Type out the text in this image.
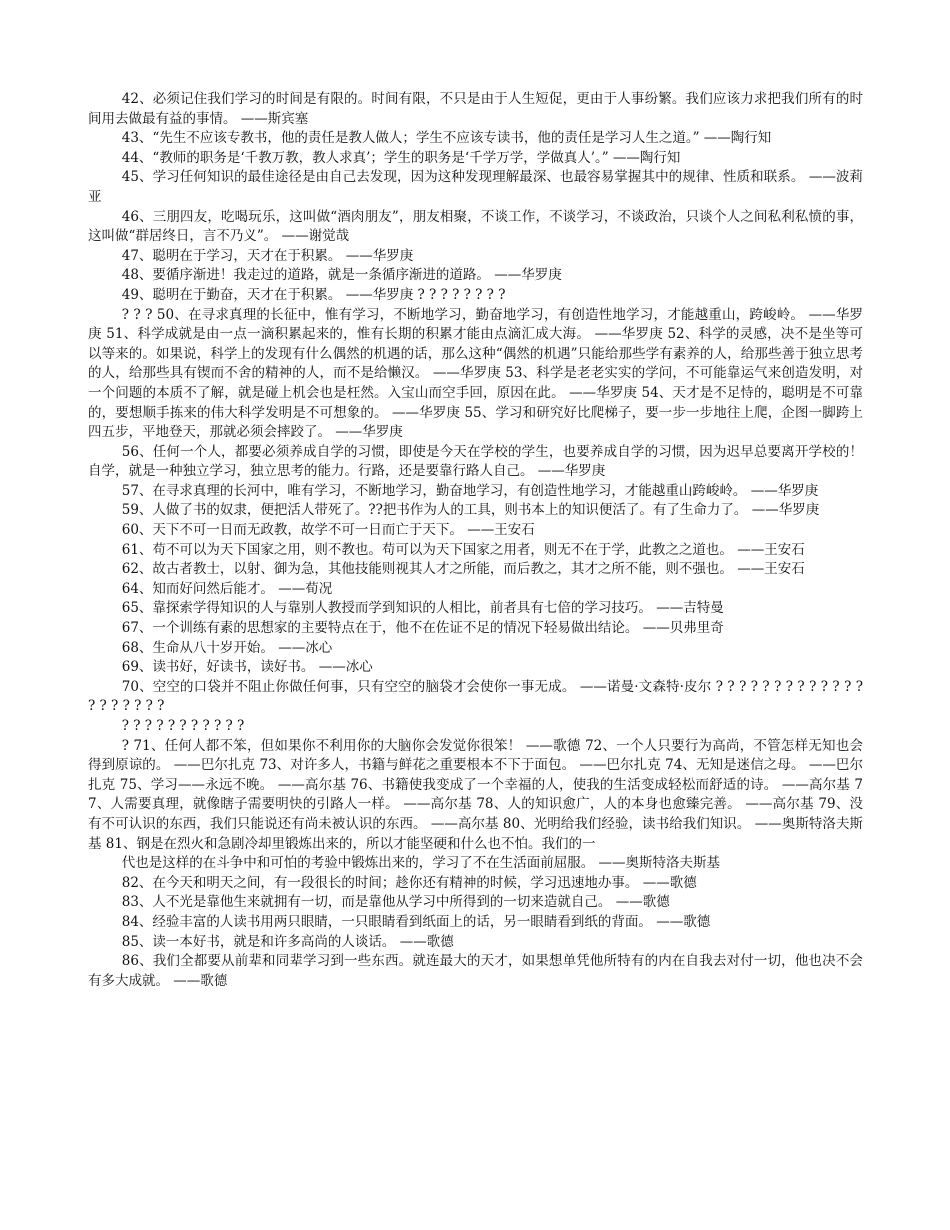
42、必须记住我们学习的时间是有限的。时间有限，不只是由于人生短促，更由于人事纷繁。我们应该力求把我们所有的时间用去做最有益的事情。 ——斯宾塞

43、“先生不应该专教书，他的责任是教人做人；学生不应该专读书，他的责任是学习人生之道。” ——陶行知

44、“教师的职务是‘千教万教，教人求真’；学生的职务是‘千学万学，学做真人’。” ——陶行知

45、学习任何知识的最佳途径是由自己去发现，因为这种发现理解最深、也最容易掌握其中的规律、性质和联系。 ——波莉亚

46、三朋四友，吃喝玩乐，这叫做“酒肉朋友”，朋友相聚，不谈工作，不谈学习，不谈政治，只谈个人之间私利私愤的事，这叫做“群居终日，言不乃义”。 ——谢觉哉

47、聪明在于学习，天才在于积累。 ——华罗庚

48、要循序渐进！我走过的道路，就是一条循序渐进的道路。 ——华罗庚

49、聪明在于勤奋，天才在于积累。 ——华罗庚 ? ? ? ? ? ? ? ?

? ? ? 50、在寻求真理的长征中，惟有学习，不断地学习，勤奋地学习，有创造性地学习，才能越重山，跨峻岭。 ——华罗庚 51、科学成就是由一点一滴积累起来的，惟有长期的积累才能由点滴汇成大海。 ——华罗庚 52、科学的灵感，决不是坐等可以等来的。如果说，科学上的发现有什么偶然的机遇的话，那么这种“偶然的机遇”只能给那些学有素养的人，给那些善于独立思考的人，给那些具有锲而不舍的精神的人，而不是给懒汉。 ——华罗庚 53、科学是老老实实的学问，不可能靠运气来创造发明，对一个问题的本质不了解，就是碰上机会也是枉然。入宝山而空手回，原因在此。 ——华罗庚 54、天才是不足恃的，聪明是不可靠的，要想顺手拣来的伟大科学发明是不可想象的。 ——华罗庚 55、学习和研究好比爬梯子，要一步一步地往上爬，企图一脚跨上四五步，平地登天，那就必须会摔跤了。 ——华罗庚

56、任何一个人，都要必须养成自学的习惯，即使是今天在学校的学生，也要养成自学的习惯，因为迟早总要离开学校的！自学，就是一种独立学习，独立思考的能力。行路，还是要靠行路人自己。 ——华罗庚

57、在寻求真理的长河中，唯有学习，不断地学习，勤奋地学习，有创造性地学习，才能越重山跨峻岭。 ——华罗庚

59、人做了书的奴隶，便把活人带死了。??把书作为人的工具，则书本上的知识便活了。有了生命力了。 ——华罗庚

60、天下不可一日而无政教，故学不可一日而亡于天下。 ——王安石

61、苟不可以为天下国家之用，则不教也。苟可以为天下国家之用者，则无不在于学，此教之之道也。 ——王安石

62、故古者教士，以射、御为急，其他技能则视其人才之所能，而后教之，其才之所不能，则不强也。 ——王安石

64、知而好问然后能才。 ——荀况

65、靠探索学得知识的人与靠别人教授而学到知识的人相比，前者具有七倍的学习技巧。 ——吉特曼

67、一个训练有素的思想家的主要特点在于，他不在佐证不足的情况下轻易做出结论。 ——贝弗里奇

68、生命从八十岁开始。 ——冰心

69、读书好，好读书，读好书。 ——冰心

70、空空的口袋并不阻止你做任何事，只有空空的脑袋才会使你一事无成。 ——诺曼·文森特·皮尔 ? ? ? ? ? ? ? ? ? ? ? ? ? ? ? ? ? ? ? ?

? ? ? ? ? ? ? ? ? ? ?

? 71、任何人都不笨，但如果你不利用你的大脑你会发觉你很笨！ ——歌德 72、一个人只要行为高尚，不管怎样无知也会得到原谅的。 ——巴尔扎克 73、对许多人，书籍与鲜花之重要根本不下于面包。 ——巴尔扎克 74、无知是迷信之母。 ——巴尔扎克 75、学习——永远不晚。 ——高尔基 76、书籍使我变成了一个幸福的人，使我的生活变成轻松而舒适的诗。 ——高尔基 77、人需要真理，就像瞎子需要明快的引路人一样。 ——高尔基 78、人的知识愈广，人的本身也愈臻完善。 ——高尔基 79、没有不可认识的东西，我们只能说还有尚未被认识的东西。 ——高尔基 80、光明给我们经验，读书给我们知识。 ——奥斯特洛夫斯基 81、钢是在烈火和急剧冷却里锻炼出来的，所以才能坚硬和什么也不怕。我们的一

代也是这样的在斗争中和可怕的考验中锻炼出来的，学习了不在生活面前屈服。 ——奥斯特洛夫斯基

82、在今天和明天之间，有一段很长的时间；趁你还有精神的时候，学习迅速地办事。 ——歌德

83、人不光是靠他生来就拥有一切，而是靠他从学习中所得到的一切来造就自己。 ——歌德

84、经验丰富的人读书用两只眼睛，一只眼睛看到纸面上的话，另一眼睛看到纸的背面。 ——歌德

85、读一本好书，就是和许多高尚的人谈话。 ——歌德

86、我们全都要从前辈和同辈学习到一些东西。就连最大的天才，如果想单凭他所特有的内在自我去对付一切，他也决不会有多大成就。 ——歌德
